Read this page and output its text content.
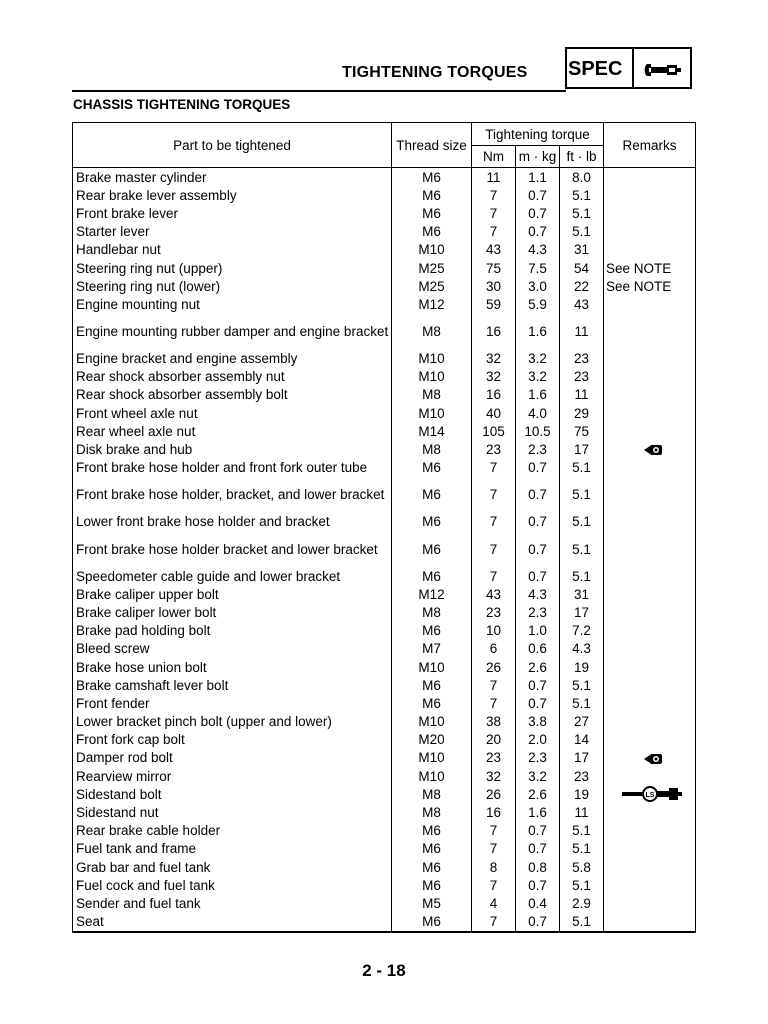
TIGHTENING TORQUES SPEC
CHASSIS TIGHTENING TORQUES
Part to be tightened	Thread size	Tightening torque			Remarks
		Nm	m · kg	ft · lb	
Brake master cylinder	M6	11	1.1	8.0	
Rear brake lever assembly	M6	7	0.7	5.1	
Front brake lever	M6	7	0.7	5.1	
Starter lever	M6	7	0.7	5.1	
Handlebar nut	M10	43	4.3	31	
Steering ring nut (upper)	M25	75	7.5	54	See NOTE
Steering ring nut (lower)	M25	30	3.0	22	See NOTE
Engine mounting nut	M12	59	5.9	43	
Engine mounting rubber damper and engine bracket	M8	16	1.6	11	
Engine bracket and engine assembly	M10	32	3.2	23	
Rear shock absorber assembly nut	M10	32	3.2	23	
Rear shock absorber assembly bolt	M8	16	1.6	11	
Front wheel axle nut	M10	40	4.0	29	
Rear wheel axle nut	M14	105	10.5	75	
Disk brake and hub	M8	23	2.3	17	
Front brake hose holder and front fork outer tube	M6	7	0.7	5.1	
Front brake hose holder, bracket, and lower bracket	M6	7	0.7	5.1	
Lower front brake hose holder and bracket	M6	7	0.7	5.1	
Front brake hose holder bracket and lower bracket	M6	7	0.7	5.1	
Speedometer cable guide and lower bracket	M6	7	0.7	5.1	
Brake caliper upper bolt	M12	43	4.3	31	
Brake caliper lower bolt	M8	23	2.3	17	
Brake pad holding bolt	M6	10	1.0	7.2	
Bleed screw	M7	6	0.6	4.3	
Brake hose union bolt	M10	26	2.6	19	
Brake camshaft lever bolt	M6	7	0.7	5.1	
Front fender	M6	7	0.7	5.1	
Lower bracket pinch bolt (upper and lower)	M10	38	3.8	27	
Front fork cap bolt	M20	20	2.0	14	
Damper rod bolt	M10	23	2.3	17	
Rearview mirror	M10	32	3.2	23	
Sidestand bolt	M8	26	2.6	19	LS

Sidestand nut	M8	16	1.6	11	
Rear brake cable holder	M6	7	0.7	5.1	
Fuel tank and frame	M6	7	0.7	5.1	
Grab bar and fuel tank	M6	8	0.8	5.8	
Fuel cock and fuel tank	M6	7	0.7	5.1	
Sender and fuel tank	M5	4	0.4	2.9	
Seat	M6	7	0.7	5.1	
2 - 18
